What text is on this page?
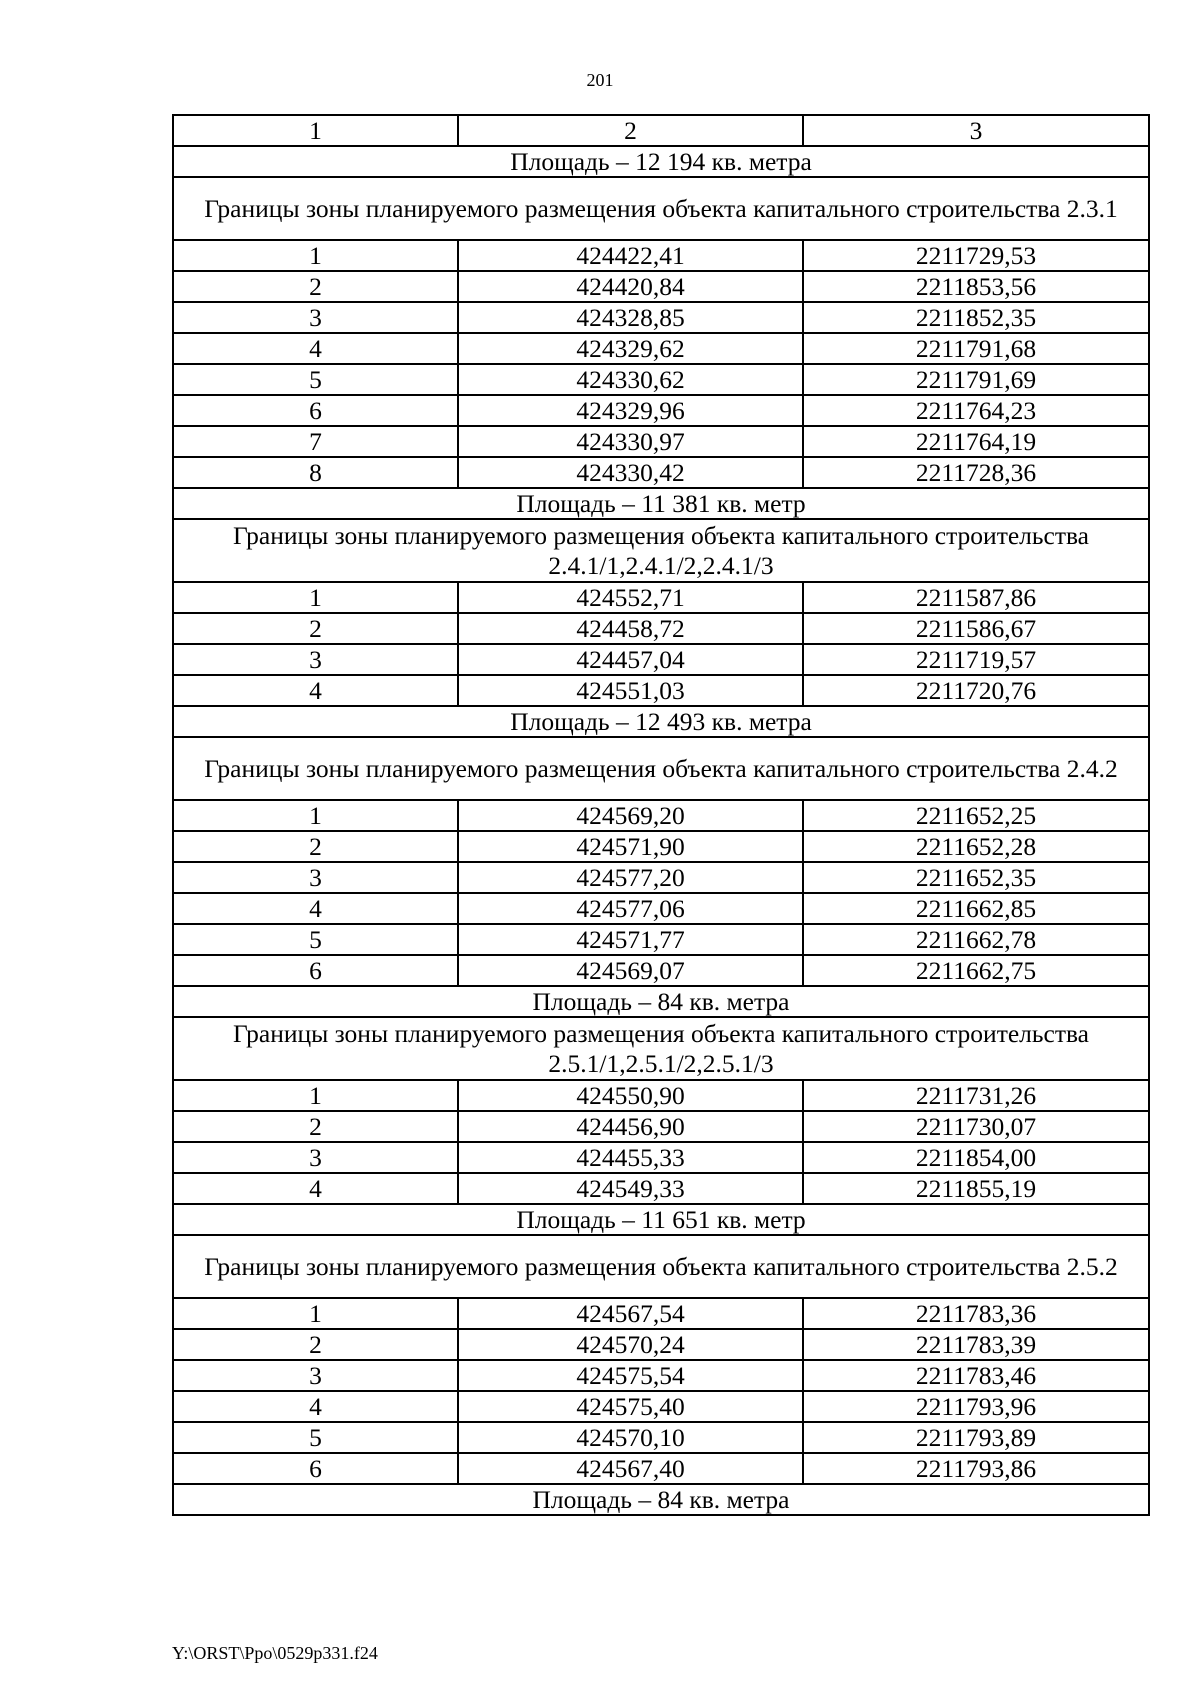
201
1	2	3
Площадь – 12 194 кв. метра		
Границы зоны планируемого размещения объекта капитального строительства 2.3.1		
1	424422,41	2211729,53
2	424420,84	2211853,56
3	424328,85	2211852,35
4	424329,62	2211791,68
5	424330,62	2211791,69
6	424329,96	2211764,23
7	424330,97	2211764,19
8	424330,42	2211728,36
Площадь – 11 381 кв. метр		
Границы зоны планируемого размещения объекта капитального строительства 2.4.1/1,2.4.1/2,2.4.1/3		
1	424552,71	2211587,86
2	424458,72	2211586,67
3	424457,04	2211719,57
4	424551,03	2211720,76
Площадь – 12 493 кв. метра		
Границы зоны планируемого размещения объекта капитального строительства 2.4.2		
1	424569,20	2211652,25
2	424571,90	2211652,28
3	424577,20	2211652,35
4	424577,06	2211662,85
5	424571,77	2211662,78
6	424569,07	2211662,75
Площадь – 84 кв. метра		
Границы зоны планируемого размещения объекта капитального строительства 2.5.1/1,2.5.1/2,2.5.1/3		
1	424550,90	2211731,26
2	424456,90	2211730,07
3	424455,33	2211854,00
4	424549,33	2211855,19
Площадь – 11 651 кв. метр		
Границы зоны планируемого размещения объекта капитального строительства 2.5.2		
1	424567,54	2211783,36
2	424570,24	2211783,39
3	424575,54	2211783,46
4	424575,40	2211793,96
5	424570,10	2211793,89
6	424567,40	2211793,86
Площадь – 84 кв. метра		
Y:\ORST\Ppo\0529p331.f24
